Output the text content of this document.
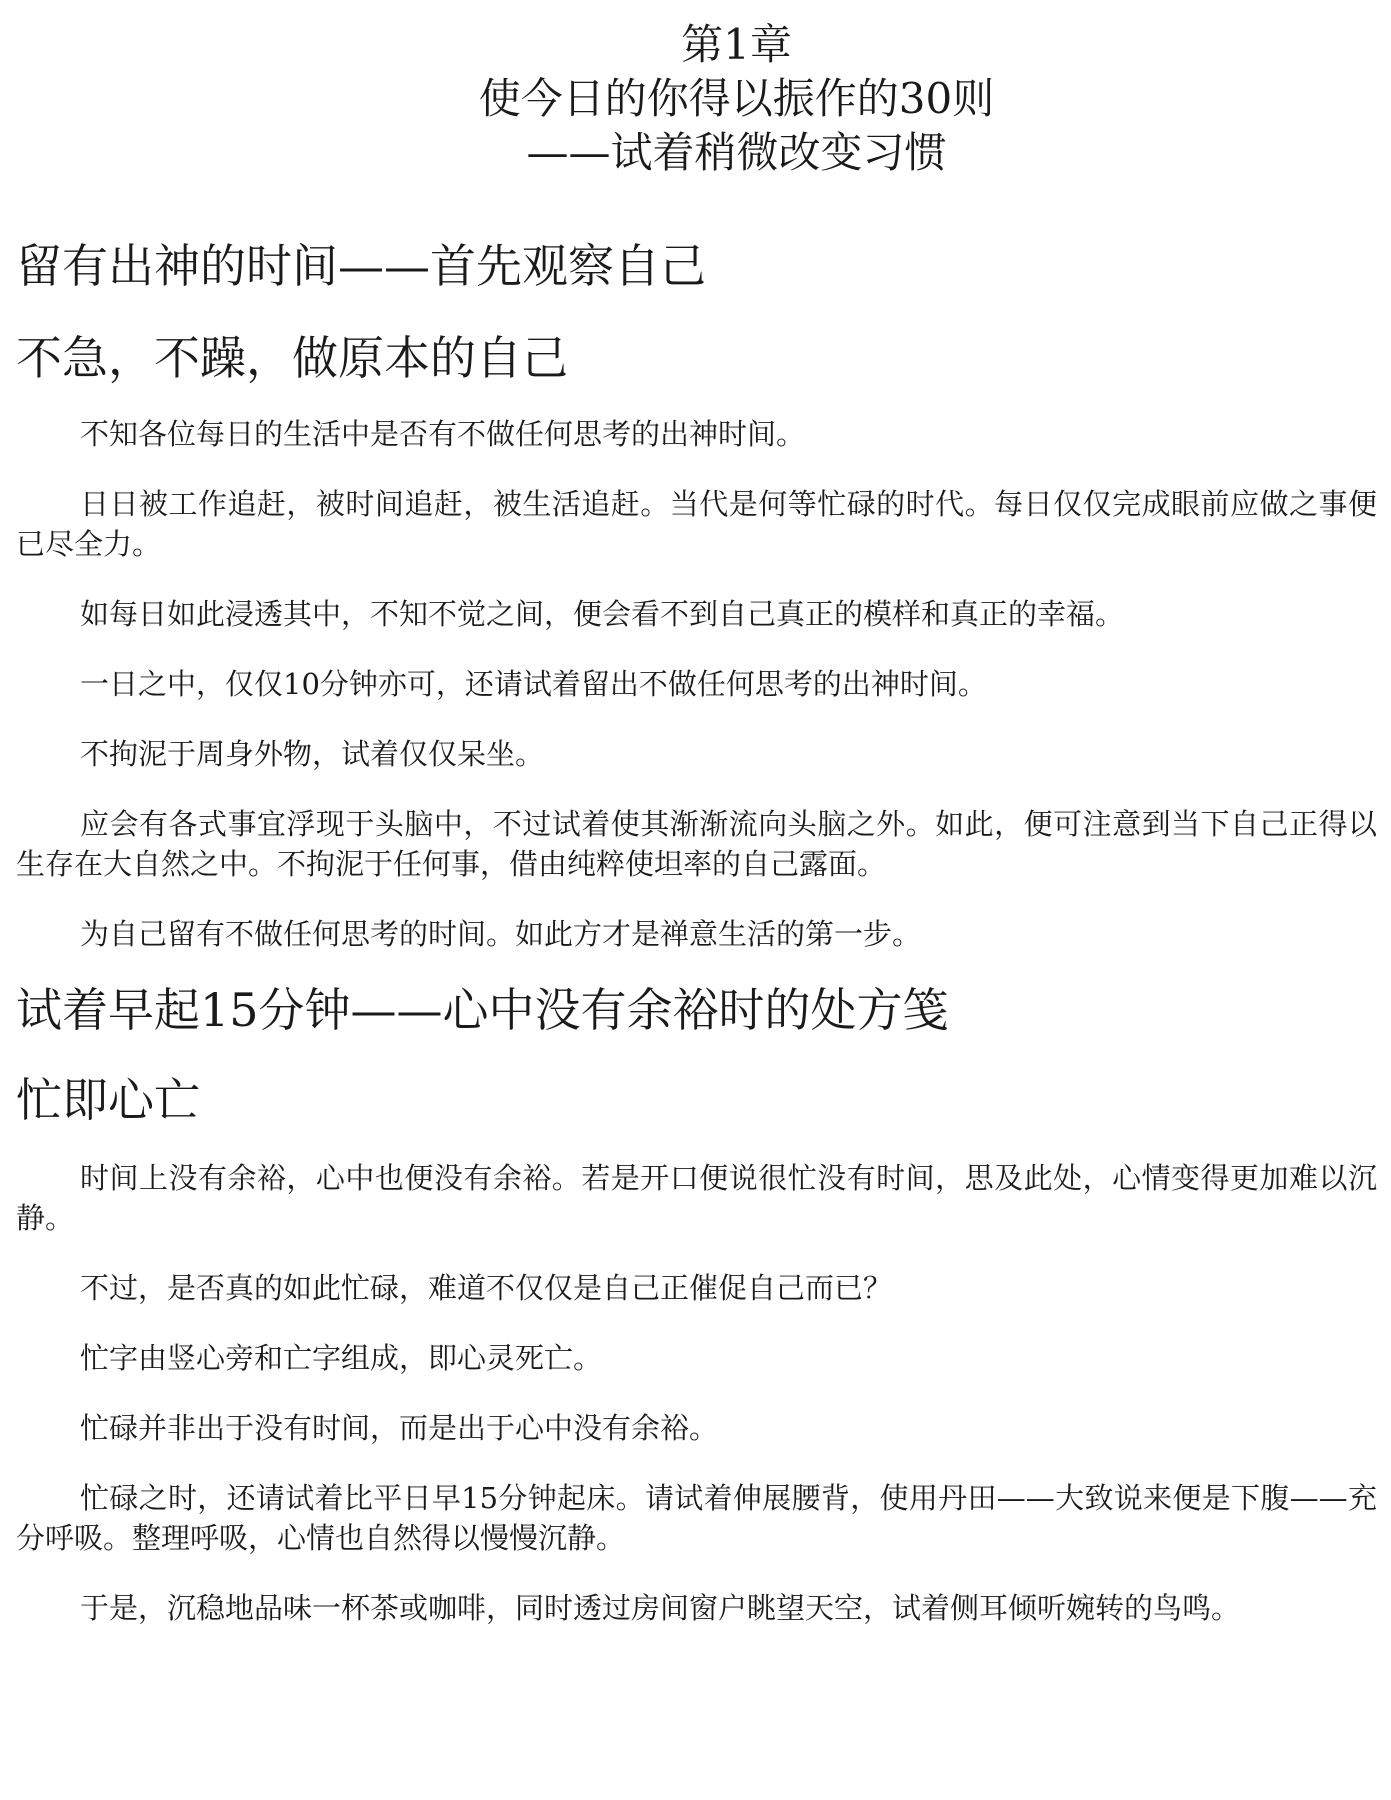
第1章
使今日的你得以振作的30则
——试着稍微改变习惯
留有出神的时间——首先观察自己
不急，不躁，做原本的自己

不知各位每日的生活中是否有不做任何思考的出神时间。

日日被工作追赶，被时间追赶，被生活追赶。当代是何等忙碌的时代。每日仅仅完成眼前应做之事便已尽全力。

如每日如此浸透其中，不知不觉之间，便会看不到自己真正的模样和真正的幸福。

一日之中，仅仅10分钟亦可，还请试着留出不做任何思考的出神时间。

不拘泥于周身外物，试着仅仅呆坐。

应会有各式事宜浮现于头脑中，不过试着使其渐渐流向头脑之外。如此，便可注意到当下自己正得以生存在大自然之中。不拘泥于任何事，借由纯粹使坦率的自己露面。

为自己留有不做任何思考的时间。如此方才是禅意生活的第一步。

试着早起15分钟——心中没有余裕时的处方笺
忙即心亡

时间上没有余裕，心中也便没有余裕。若是开口便说很忙没有时间，思及此处，心情变得更加难以沉静。

不过，是否真的如此忙碌，难道不仅仅是自己正催促自己而已？

忙字由竖心旁和亡字组成，即心灵死亡。

忙碌并非出于没有时间，而是出于心中没有余裕。

忙碌之时，还请试着比平日早15分钟起床。请试着伸展腰背，使用丹田——大致说来便是下腹——充分呼吸。整理呼吸，心情也自然得以慢慢沉静。

于是，沉稳地品味一杯茶或咖啡，同时透过房间窗户眺望天空，试着侧耳倾听婉转的鸟鸣。
